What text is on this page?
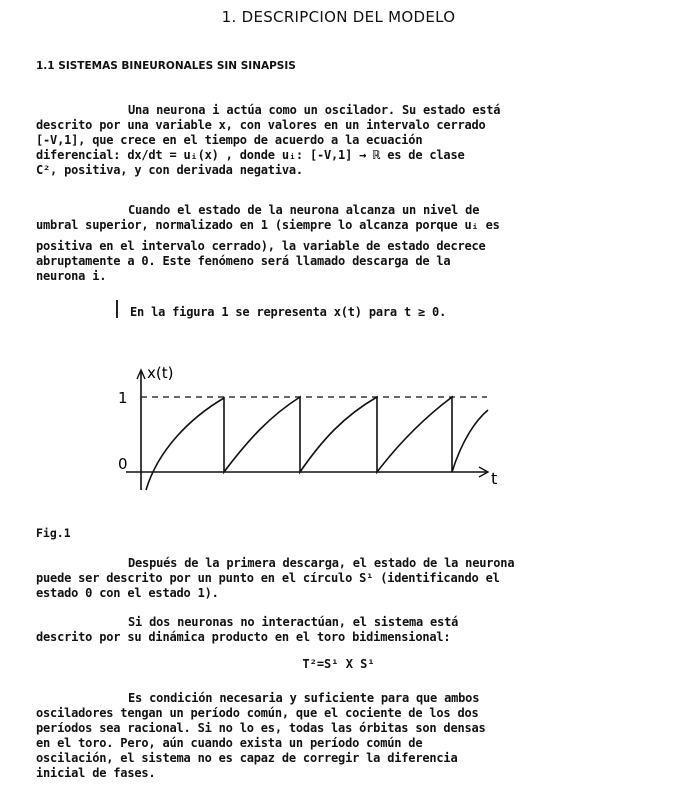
1. DESCRIPCION DEL MODELO
1.1 SISTEMAS BINEURONALES SIN SINAPSIS

Una neurona i actúa como un oscilador. Su estado está

descrito por una variable x, con valores en un intervalo cerrado

[-V,1], que crece en el tiempo de acuerdo a la ecuación

diferencial: dx/dt = uᵢ(x) , donde uᵢ: [-V,1] → ℝ es de clase

C², positiva, y con derivada negativa.

Cuando el estado de la neurona alcanza un nivel de

umbral superior, normalizado en 1 (siempre lo alcanza porque uᵢ es

positiva en el intervalo cerrado), la variable de estado decrece

abruptamente a 0. Este fenómeno será llamado descarga de la

neurona i.

En la figura 1 se representa x(t) para t ≥ 0.
x(t)
t
1
0
Fig.1

Después de la primera descarga, el estado de la neurona

puede ser descrito por un punto en el círculo S¹ (identificando el

estado 0 con el estado 1).

Si dos neuronas no interactúan, el sistema está

descrito por su dinámica producto en el toro bidimensional:

T²=S¹ X S¹

Es condición necesaria y suficiente para que ambos

osciladores tengan un período común, que el cociente de los dos

períodos sea racional. Si no lo es, todas las órbitas son densas

en el toro. Pero, aún cuando exista un período común de

oscilación, el sistema no es capaz de corregir la diferencia

inicial de fases.
